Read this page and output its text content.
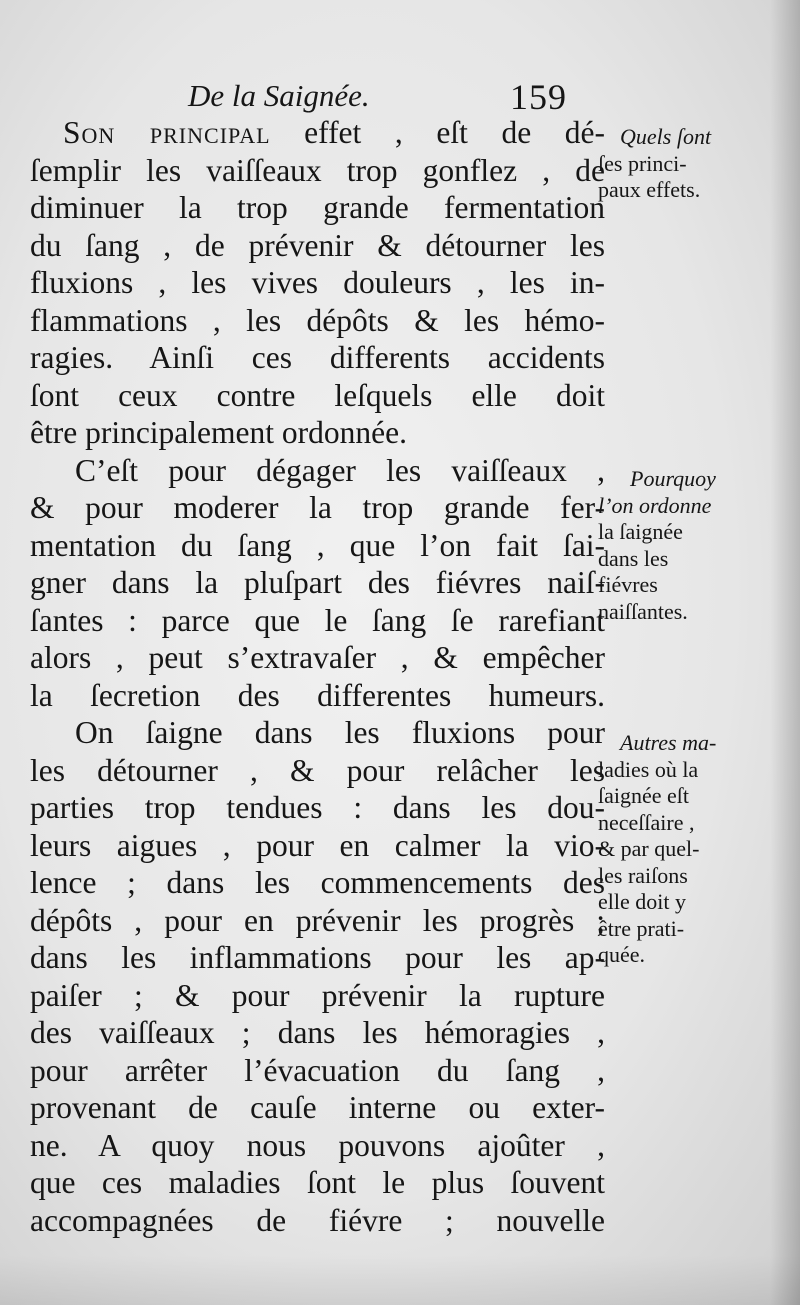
De la Saignée.	159
Son principal effet , eſt de dé-
ſemplir les vaiſſeaux trop gonflez , de
diminuer la trop grande fermentation
du ſang , de prévenir & détourner les
fluxions , les vives douleurs , les in-
flammations , les dépôts & les hémo-
ragies. Ainſi ces differents accidents
ſont ceux contre leſquels elle doit
être principalement ordonnée.
C’eſt pour dégager les vaiſſeaux ,
& pour moderer la trop grande fer-
mentation du ſang , que l’on fait ſai-
gner dans la pluſpart des fiévres naiſ-
ſantes : parce que le ſang ſe rarefiant
alors , peut s’extravaſer , & empêcher
la ſecretion des differentes humeurs.
On ſaigne dans les fluxions pour
les détourner , & pour relâcher les
parties trop tendues : dans les dou-
leurs aigues , pour en calmer la vio-
lence ; dans les commencements des
dépôts , pour en prévenir les progrès ;
dans les inflammations pour les ap-
paiſer ; & pour prévenir la rupture
des vaiſſeaux ; dans les hémoragies ,
pour arrêter l’évacuation du ſang ,
provenant de cauſe interne ou exter-
ne. A quoy nous pouvons ajoûter ,
que ces maladies ſont le plus ſouvent
accompagnées de fiévre ; nouvelle
Quels ſont
ſes princi-
paux effets.
Pourquoy
l’on ordonne
la ſaignée
dans les
fiévres
naiſſantes.
Autres ma-
ladies où la
ſaignée eſt
neceſſaire ,
& par quel-
les raiſons
elle doit y
être prati-
quée.
